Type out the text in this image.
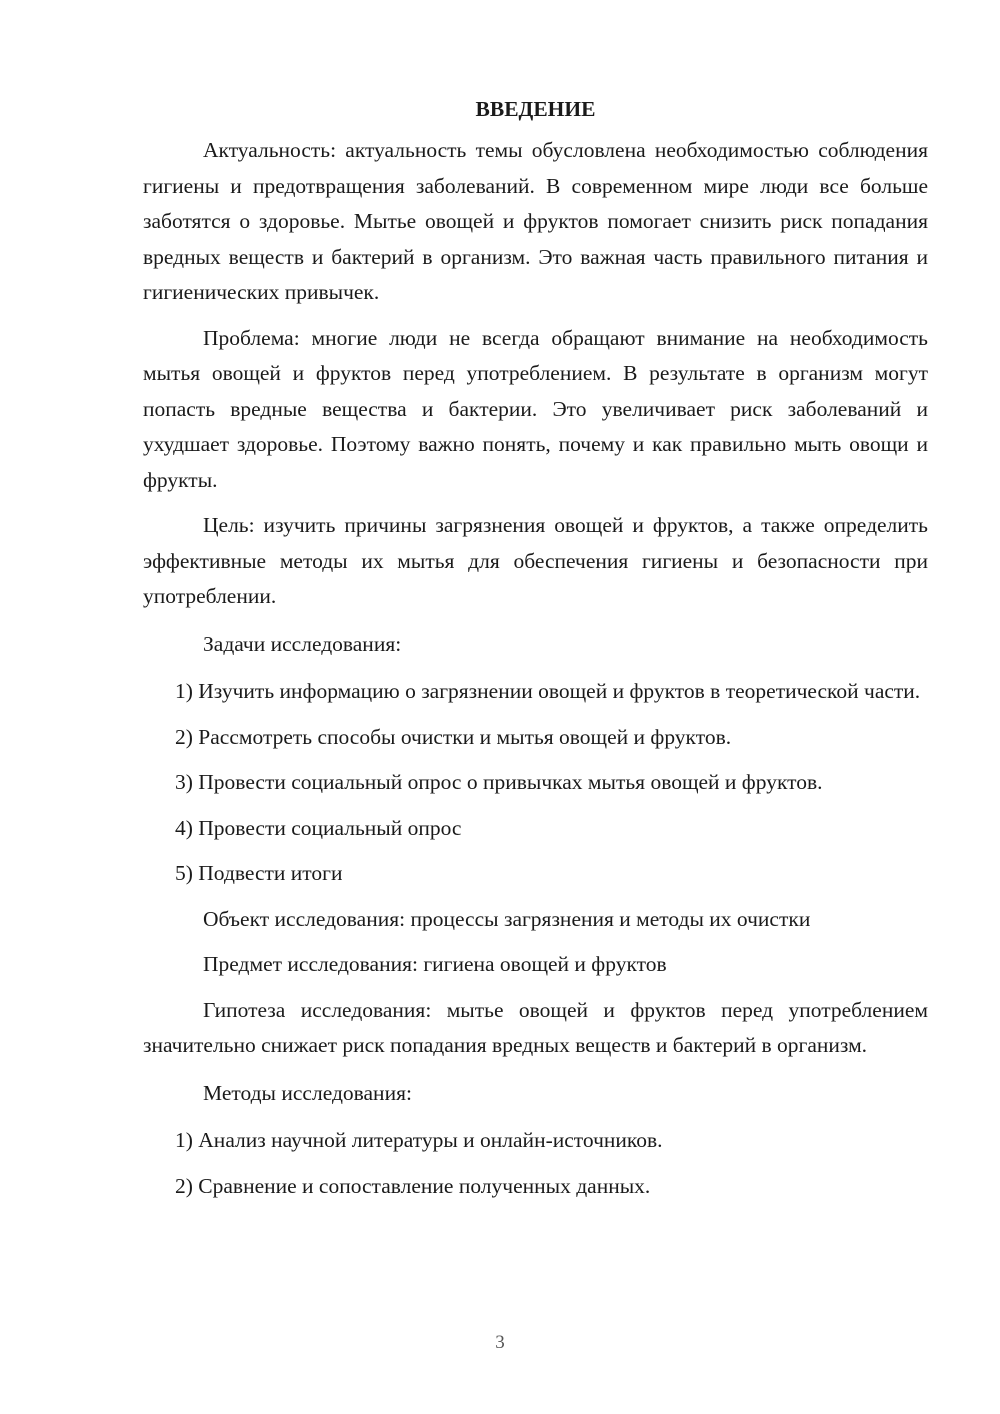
ВВЕДЕНИЕ

Актуальность: актуальность темы обусловлена необходимостью соблюдения гигиены и предотвращения заболеваний. В современном мире люди все больше заботятся о здоровье. Мытье овощей и фруктов помогает снизить риск попадания вредных веществ и бактерий в организм. Это важная часть правильного питания и гигиенических привычек.

Проблема: многие люди не всегда обращают внимание на необходимость мытья овощей и фруктов перед употреблением. В результате в организм могут попасть вредные вещества и бактерии. Это увеличивает риск заболеваний и ухудшает здоровье. Поэтому важно понять, почему и как правильно мыть овощи и фрукты.

Цель: изучить причины загрязнения овощей и фруктов, а также определить эффективные методы их мытья для обеспечения гигиены и безопасности при употреблении.

Задачи исследования:

1) Изучить информацию о загрязнении овощей и фруктов в теоретической части.

2) Рассмотреть способы очистки и мытья овощей и фруктов.

3) Провести социальный опрос о привычках мытья овощей и фруктов.

4) Провести социальный опрос

5) Подвести итоги

Объект исследования: процессы загрязнения и методы их очистки

Предмет исследования: гигиена овощей и фруктов

Гипотеза исследования: мытье овощей и фруктов перед употреблением значительно снижает риск попадания вредных веществ и бактерий в организм.

Методы исследования:

1) Анализ научной литературы и онлайн-источников.

2) Сравнение и сопоставление полученных данных.

3
